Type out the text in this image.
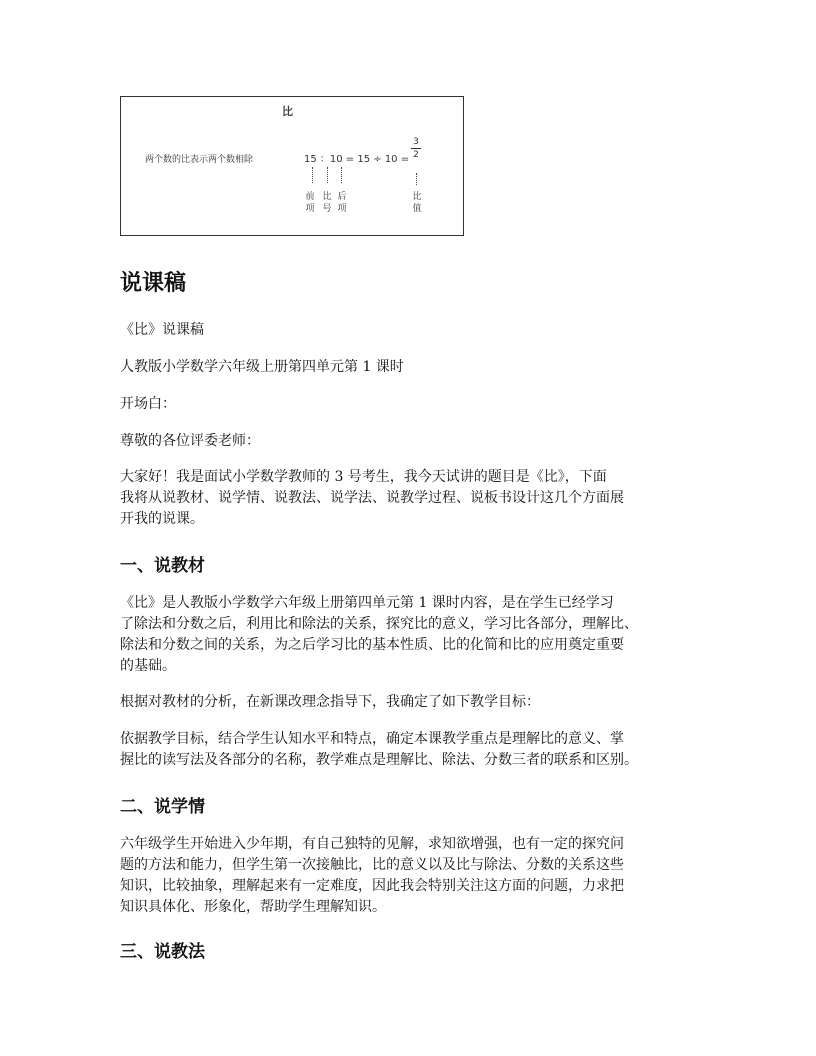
比
两个数的比表示两个数相除	15 ：10 = 15 ÷ 10 =
3
2
前项
比号
后项
比值
说课稿

《比》说课稿

人教版小学数学六年级上册第四单元第 1 课时

开场白：

尊敬的各位评委老师：

大家好！我是面试小学数学教师的 3 号考生，我今天试讲的题目是《比》，下面
我将从说教材、说学情、说教法、说学法、说教学过程、说板书设计这几个方面展
开我的说课。

一、说教材

《比》是人教版小学数学六年级上册第四单元第 1 课时内容，是在学生已经学习
了除法和分数之后，利用比和除法的关系，探究比的意义，学习比各部分，理解比、
除法和分数之间的关系，为之后学习比的基本性质、比的化简和比的应用奠定重要
的基础。

根据对教材的分析，在新课改理念指导下，我确定了如下教学目标：

依据教学目标，结合学生认知水平和特点，确定本课教学重点是理解比的意义、掌
握比的读写法及各部分的名称，教学难点是理解比、除法、分数三者的联系和区别。

二、说学情

六年级学生开始进入少年期，有自己独特的见解，求知欲增强，也有一定的探究问
题的方法和能力，但学生第一次接触比，比的意义以及比与除法、分数的关系这些
知识，比较抽象，理解起来有一定难度，因此我会特别关注这方面的问题，力求把
知识具体化、形象化，帮助学生理解知识。

三、说教法
